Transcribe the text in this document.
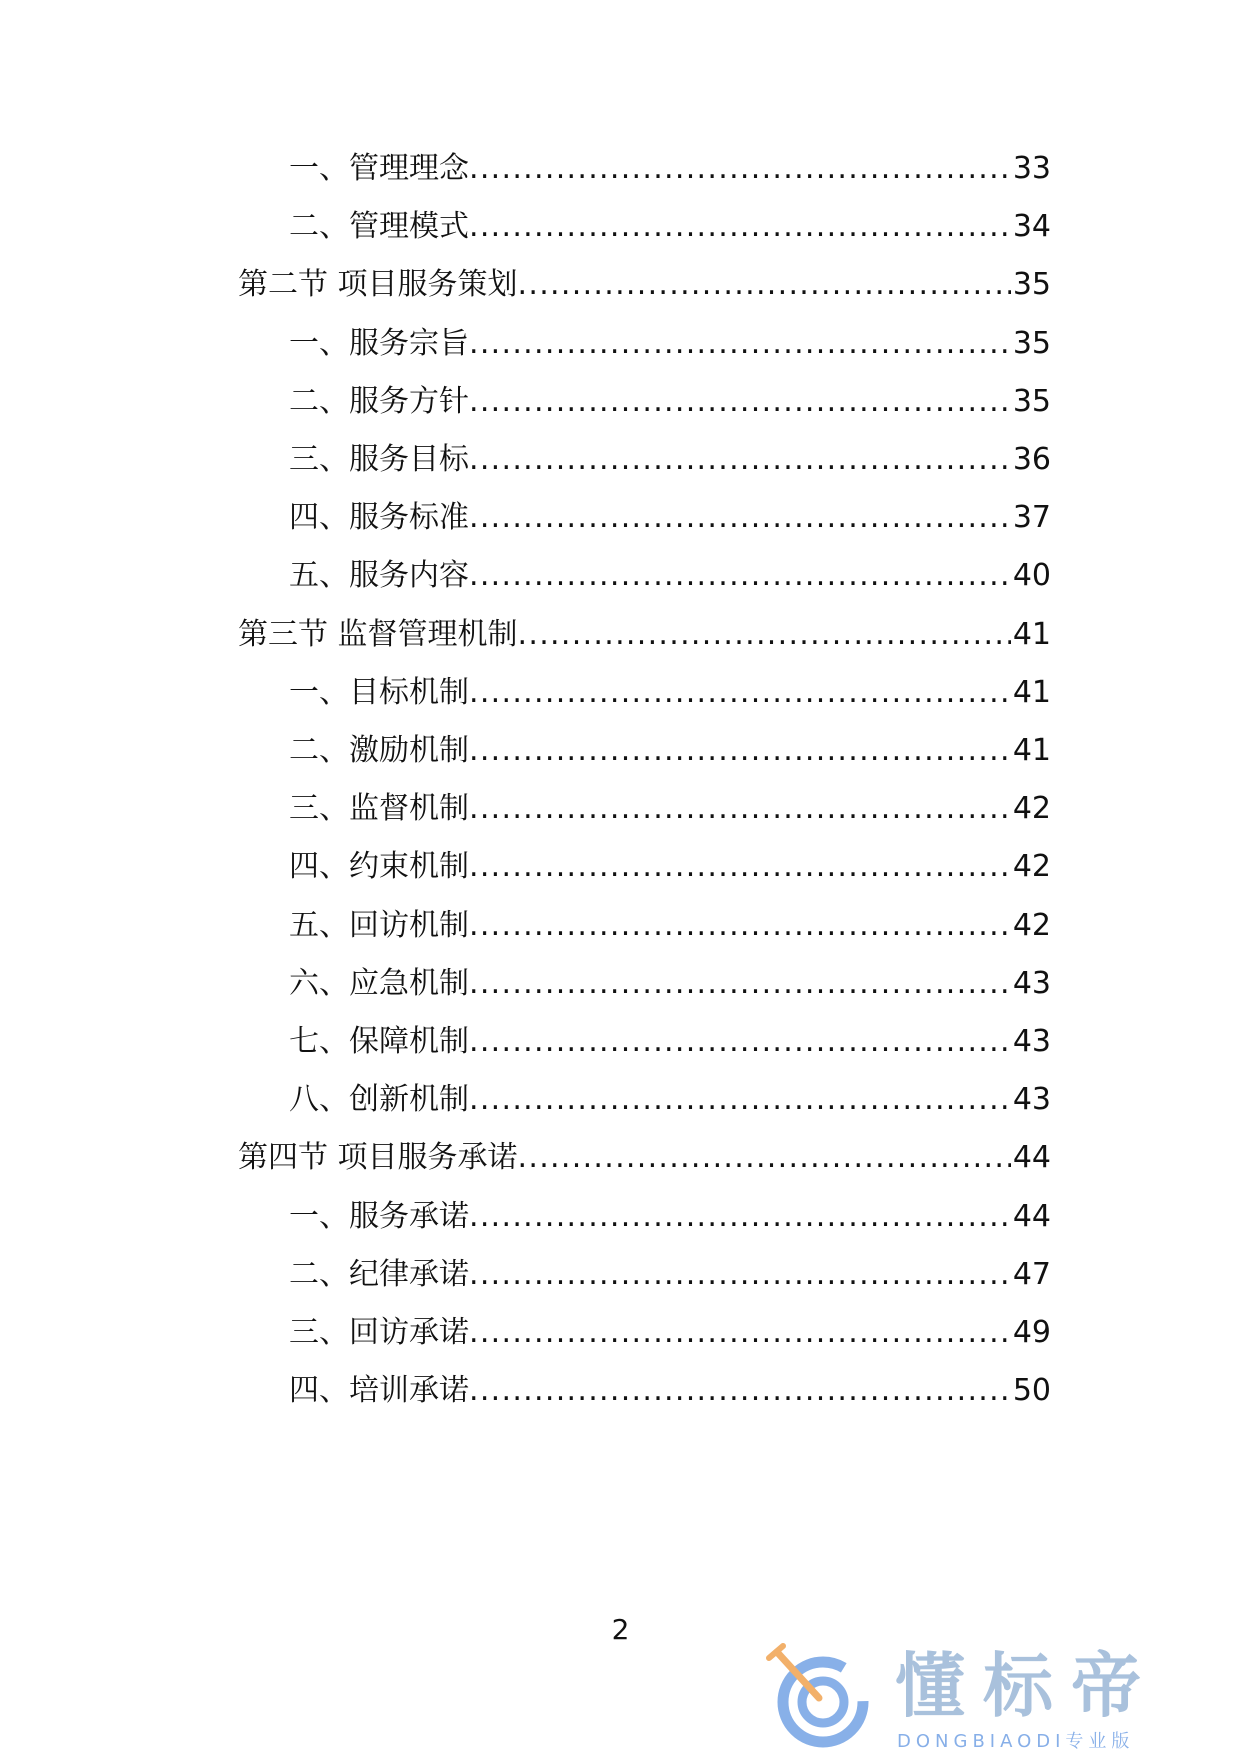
一、管理理念 .....	33
二、管理模式 .....	34
第二节 项目服务策划 .....	35
一、服务宗旨 .....	35
二、服务方针 .....	35
三、服务目标 .....	36
四、服务标准 .....	37
五、服务内容 .....	40
第三节 监督管理机制 .....	41
一、目标机制 .....	41
二、激励机制 .....	41
三、监督机制 .....	42
四、约束机制 .....	42
五、回访机制 .....	42
六、应急机制 .....	43
七、保障机制 .....	43
八、创新机制 .....	43
第四节 项目服务承诺 .....	44
一、服务承诺 .....	44
二、纪律承诺 .....	47
三、回访承诺 .....	49
四、培训承诺 .....	50
2
懂标帝
DONGBIAODI专业版
